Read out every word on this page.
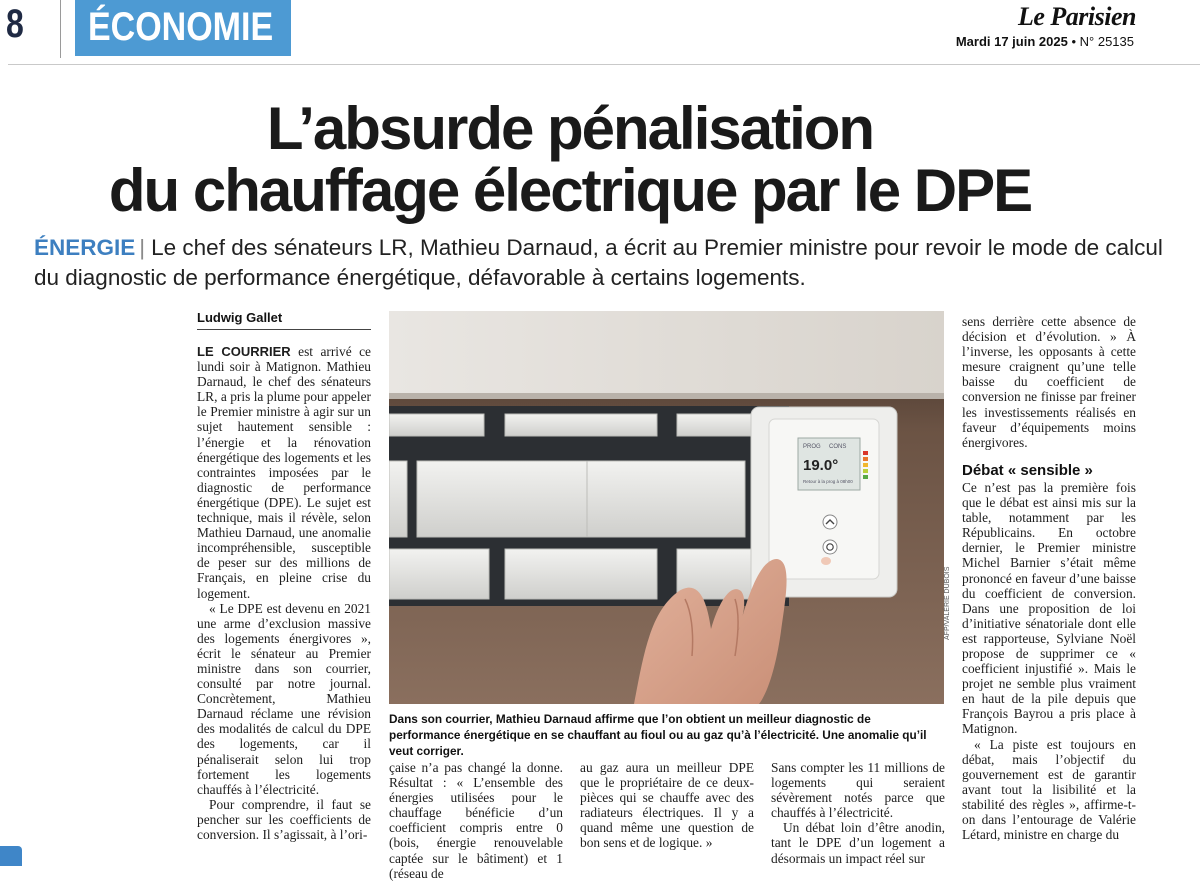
8 ÉCONOMIE	Le Parisien
Mardi 17 juin 2025 • N° 25135
L’absurde pénalisation
du chauffage électrique par le DPE
ÉNERGIE | Le chef des sénateurs LR, Mathieu Darnaud, a écrit au Premier ministre pour revoir le mode de calcul du diagnostic de performance énergétique, défavorable à certains logements.
Ludwig Gallet

LE COURRIER est arrivé ce lundi soir à Matignon. Mathieu Darnaud, le chef des sénateurs LR, a pris la plume pour appeler le Premier ministre à agir sur un sujet hautement sensible : l’énergie et la rénovation énergétique des logements et les contraintes imposées par le diagnostic de performance énergétique (DPE). Le sujet est technique, mais il révèle, selon Mathieu Darnaud, une anomalie incompréhensible, susceptible de peser sur des millions de Français, en pleine crise du logement.

« Le DPE est devenu en 2021 une arme d’exclusion massive des logements énergivores », écrit le sénateur au Premier ministre dans son courrier, consulté par notre journal. Concrètement, Mathieu Darnaud réclame une révision des modalités de calcul du DPE des logements, car il pénaliserait selon lui trop fortement les logements chauffés à l’électricité.

Pour comprendre, il faut se pencher sur les coefficients de conversion. Il s’agissait, à l’ori-

PROG CONS
19.0°
Retour à la prog à 08h00
AFP/VALÉRIE DUBOIS
Dans son courrier, Mathieu Darnaud affirme que l’on obtient un meilleur diagnostic de performance énergétique en se chauffant au fioul ou au gaz qu’à l’électricité. Une anomalie qu’il veut corriger.

çaise n’a pas changé la donne. Résultat : « L’ensemble des énergies utilisées pour le chauffage bénéficie d’un coefficient compris entre 0 (bois, énergie renouvelable captée sur le bâtiment) et 1 (réseau de

au gaz aura un meilleur DPE que le propriétaire de ce deux-pièces qui se chauffe avec des radiateurs électriques. Il y a quand même une question de bon sens et de logique. »

Sans compter les 11 millions de logements qui seraient sévèrement notés parce que chauffés à l’électricité.

Un débat loin d’être anodin, tant le DPE d’un logement a désormais un impact réel sur

sens derrière cette absence de décision et d’évolution. » À l’inverse, les opposants à cette mesure craignent qu’une telle baisse du coefficient de conversion ne finisse par freiner les investissements réalisés en faveur d’équipements moins énergivores.

Débat « sensible »

Ce n’est pas la première fois que le débat est ainsi mis sur la table, notamment par les Républicains. En octobre dernier, le Premier ministre Michel Barnier s’était même prononcé en faveur d’une baisse du coefficient de conversion. Dans une proposition de loi d’initiative sénatoriale dont elle est rapporteuse, Sylviane Noël propose de supprimer ce « coefficient injustifié ». Mais le projet ne semble plus vraiment en haut de la pile depuis que François Bayrou a pris place à Matignon.

« La piste est toujours en débat, mais l’objectif du gouvernement est de garantir avant tout la lisibilité et la stabilité des règles », affirme-t-on dans l’entourage de Valérie Létard, ministre en charge du
